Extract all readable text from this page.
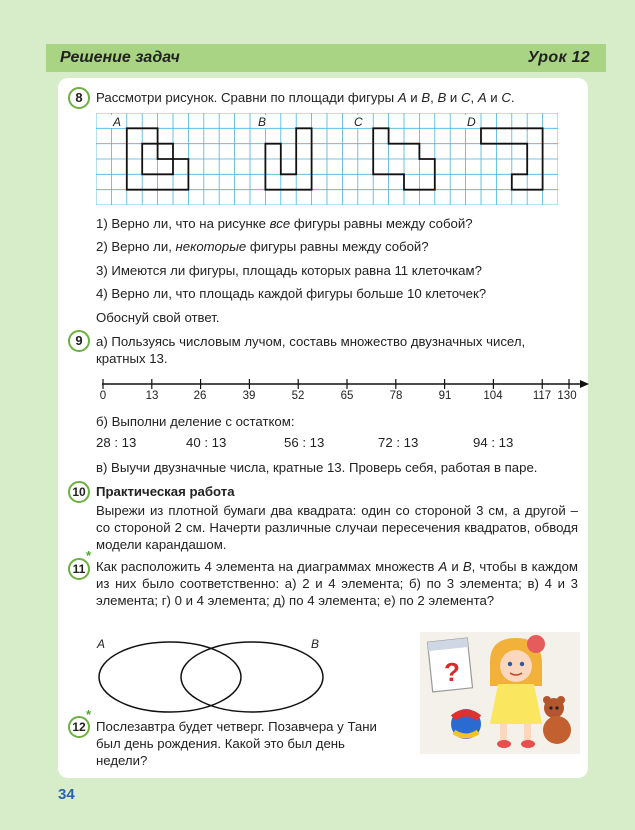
Решение задач	Урок 12
8	Рассмотри рисунок. Сравни по площади фигуры A и B, B и C, A и C.
A	B	C	D
1) Верно ли, что на рисунке все фигуры равны между собой?
2) Верно ли, некоторые фигуры равны между собой?
3) Имеются ли фигуры, площадь которых равна 11 клеточкам?
4) Верно ли, что площадь каждой фигуры больше 10 клеточек?
Обоснуй свой ответ.
9	а) Пользуясь числовым лучом, составь множество двузначных чисел,
кратных 13.
0	13	26	39	52	65	78	91	104	117 130
б) Выполни деление с остатком:
28 : 13	40 : 13	56 : 13	72 : 13	94 : 13
в) Выучи двузначные числа, кратные 13. Проверь себя, работая в паре.
10 Практическая работа
Вырежи из плотной бумаги два квадрата: один со стороной 3 см, а другой – со стороной 2 см. Начерти различные случаи пересечения квадратов, обводя модели карандашом.
11
*
Как расположить 4 элемента на диаграммах множеств A и B, чтобы в каждом из них было соответственно: а) 2 и 4 элемента; б) по 3 элемента; в) 4 и 3 элемента; г) 0 и 4 элемента; д) по 4 элемента; е) по 2 элемента?
A	B
12
*
Послезавтра будет четверг. Позавчера у Тани был день рождения. Какой это был день недели?
?
34
